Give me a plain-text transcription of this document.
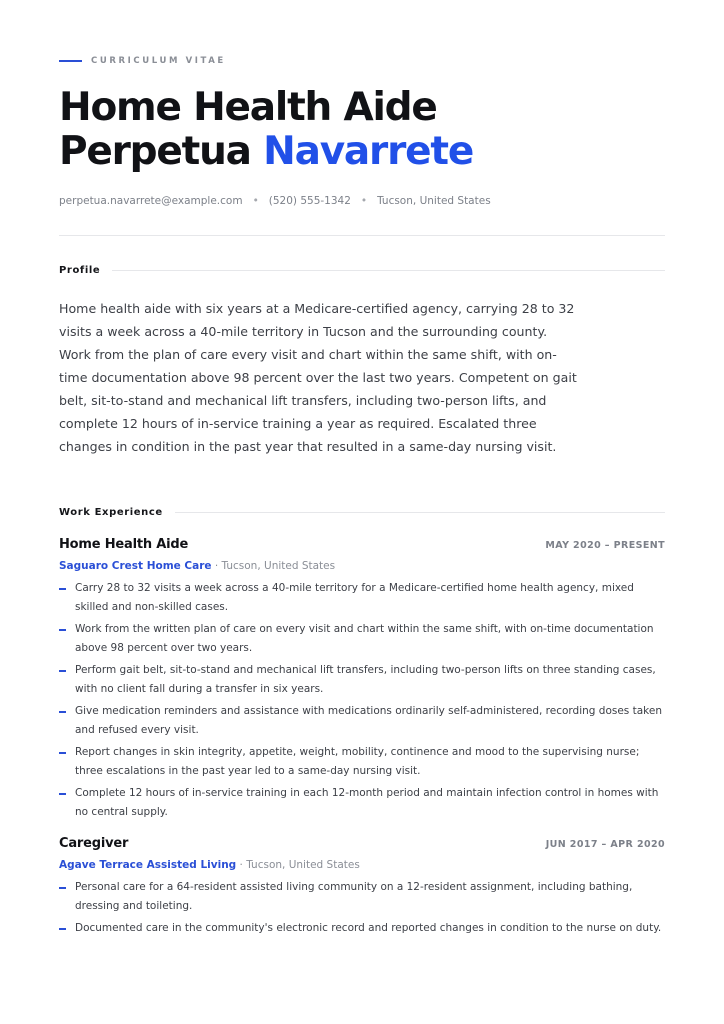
CURRICULUM VITAE
Home Health Aide
Perpetua Navarrete
perpetua.navarrete@example.com • (520) 555-1342 • Tucson, United States
Profile

Home health aide with six years at a Medicare-certified agency, carrying 28 to 32 visits a week across a 40-mile territory in Tucson and the surrounding county. Work from the plan of care every visit and chart within the same shift, with on-time documentation above 98 percent over the last two years. Competent on gait belt, sit-to-stand and mechanical lift transfers, including two-person lifts, and complete 12 hours of in-service training a year as required. Escalated three changes in condition in the past year that resulted in a same-day nursing visit.

Work Experience
Home Health Aide	MAY 2020 – PRESENT
Saguaro Crest Home Care · Tucson, United States
Carry 28 to 32 visits a week across a 40-mile territory for a Medicare-certified home health agency, mixed skilled and non-skilled cases.
Work from the written plan of care on every visit and chart within the same shift, with on-time documentation above 98 percent over two years.
Perform gait belt, sit-to-stand and mechanical lift transfers, including two-person lifts on three standing cases, with no client fall during a transfer in six years.
Give medication reminders and assistance with medications ordinarily self-administered, recording doses taken and refused every visit.
Report changes in skin integrity, appetite, weight, mobility, continence and mood to the supervising nurse; three escalations in the past year led to a same-day nursing visit.
Complete 12 hours of in-service training in each 12-month period and maintain infection control in homes with no central supply.
Caregiver	JUN 2017 – APR 2020
Agave Terrace Assisted Living · Tucson, United States
Personal care for a 64-resident assisted living community on a 12-resident assignment, including bathing, dressing and toileting.
Documented care in the community's electronic record and reported changes in condition to the nurse on duty.
